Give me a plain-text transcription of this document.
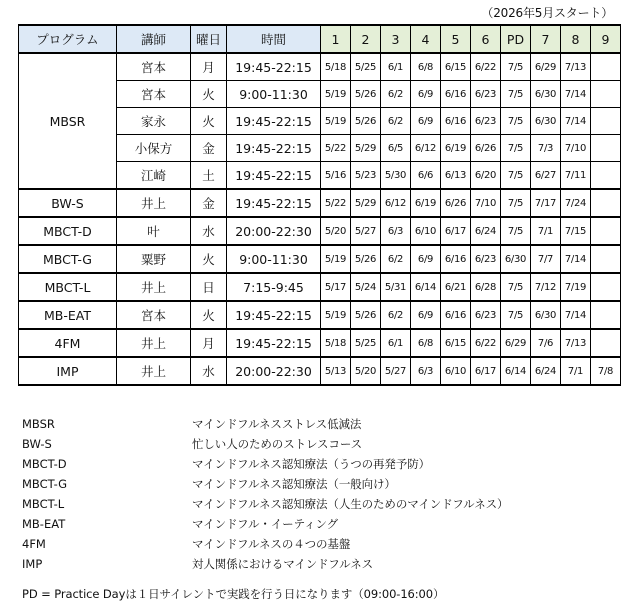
（2026年5月スタート）
プログラム	講師	曜日	時間	1	2	3	4	5	6	PD	7	8	9
MBSR	宮本	月	19:45-22:15	5/18	5/25	6/1	6/8	6/15	6/22	7/5	6/29	7/13	
	宮本	火	9:00-11:30	5/19	5/26	6/2	6/9	6/16	6/23	7/5	6/30	7/14	
	家永	火	19:45-22:15	5/19	5/26	6/2	6/9	6/16	6/23	7/5	6/30	7/14	
	小保方	金	19:45-22:15	5/22	5/29	6/5	6/12	6/19	6/26	7/5	7/3	7/10	
	江崎	土	19:45-22:15	5/16	5/23	5/30	6/6	6/13	6/20	7/5	6/27	7/11	
BW-S	井上	金	19:45-22:15	5/22	5/29	6/12	6/19	6/26	7/10	7/5	7/17	7/24	
MBCT-D	叶	水	20:00-22:30	5/20	5/27	6/3	6/10	6/17	6/24	7/5	7/1	7/15	
MBCT-G	粟野	火	9:00-11:30	5/19	5/26	6/2	6/9	6/16	6/23	6/30	7/7	7/14	
MBCT-L	井上	日	7:15-9:45	5/17	5/24	5/31	6/14	6/21	6/28	7/5	7/12	7/19	
MB-EAT	宮本	火	19:45-22:15	5/19	5/26	6/2	6/9	6/16	6/23	7/5	6/30	7/14	
4FM	井上	月	19:45-22:15	5/18	5/25	6/1	6/8	6/15	6/22	6/29	7/6	7/13	
IMP	井上	水	20:00-22:30	5/13	5/20	5/27	6/3	6/10	6/17	6/14	6/24	7/1	7/8
MBSR	マインドフルネスストレス低減法
BW-S	忙しい人のためのストレスコース
MBCT-D	マインドフルネス認知療法（うつの再発予防）
MBCT-G	マインドフルネス認知療法（一般向け）
MBCT-L	マインドフルネス認知療法（人生のためのマインドフルネス）
MB-EAT	マインドフル・イーティング
4FM	マインドフルネスの４つの基盤
IMP	対人関係におけるマインドフルネス
PD = Practice Dayは１日サイレントで実践を行う日になります（09:00-16:00）
